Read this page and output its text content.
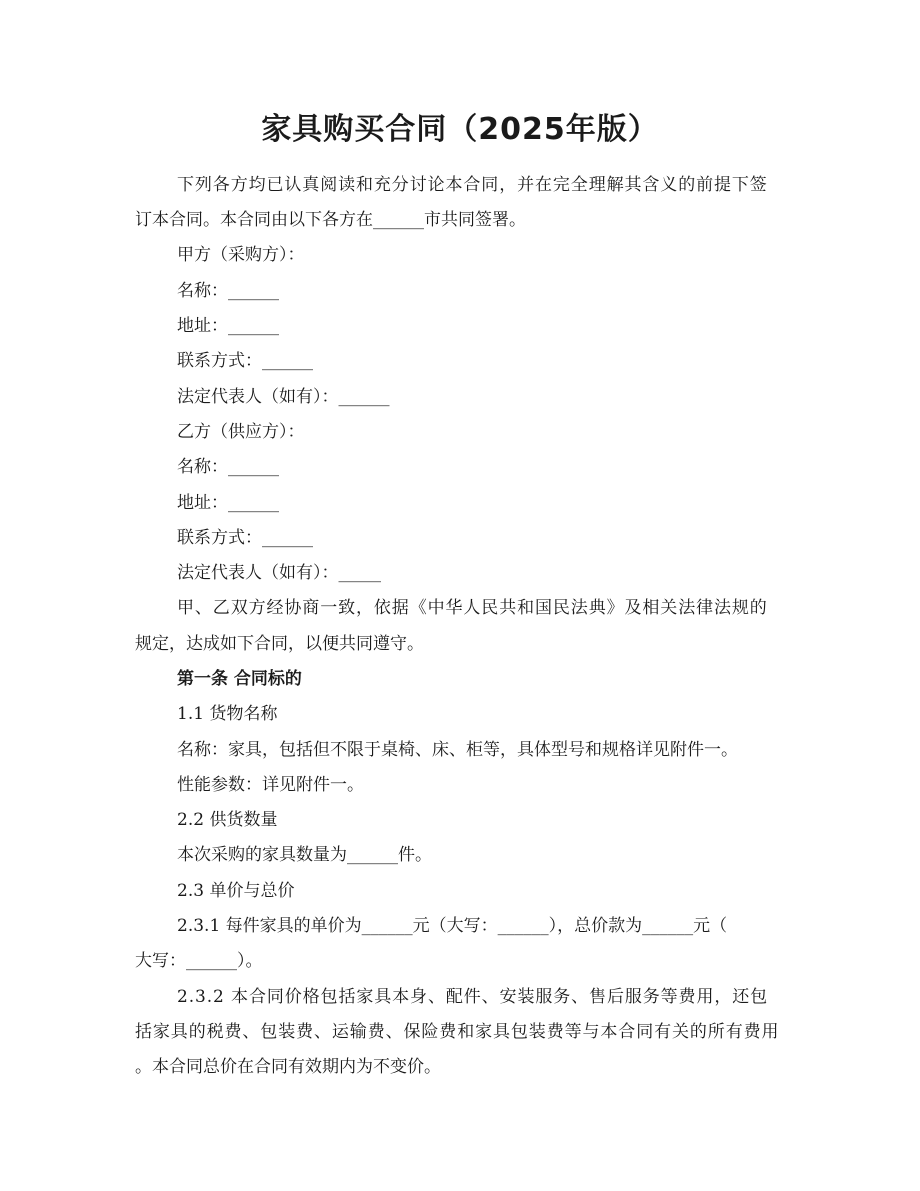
家具购买合同（2025年版）

下列各方均已认真阅读和充分讨论本合同，并在完全理解其含义的前提下签

订本合同。本合同由以下各方在______市共同签署。

甲方（采购方）：

名称：______

地址：______

联系方式：______

法定代表人（如有）：______

乙方（供应方）：

名称：______

地址：______

联系方式：______

法定代表人（如有）：_____

甲、乙双方经协商一致，依据《中华人民共和国民法典》及相关法律法规的

规定，达成如下合同，以便共同遵守。

第一条 合同标的

1.1 货物名称

名称：家具，包括但不限于桌椅、床、柜等，具体型号和规格详见附件一。

性能参数：详见附件一。

2.2 供货数量

本次采购的家具数量为______件。

2.3 单价与总价

2.3.1 每件家具的单价为______元（大写：______），总价款为______元（

大写：______）。

2.3.2 本合同价格包括家具本身、配件、安装服务、售后服务等费用，还包

括家具的税费、包装费、运输费、保险费和家具包装费等与本合同有关的所有费用

。本合同总价在合同有效期内为不变价。
